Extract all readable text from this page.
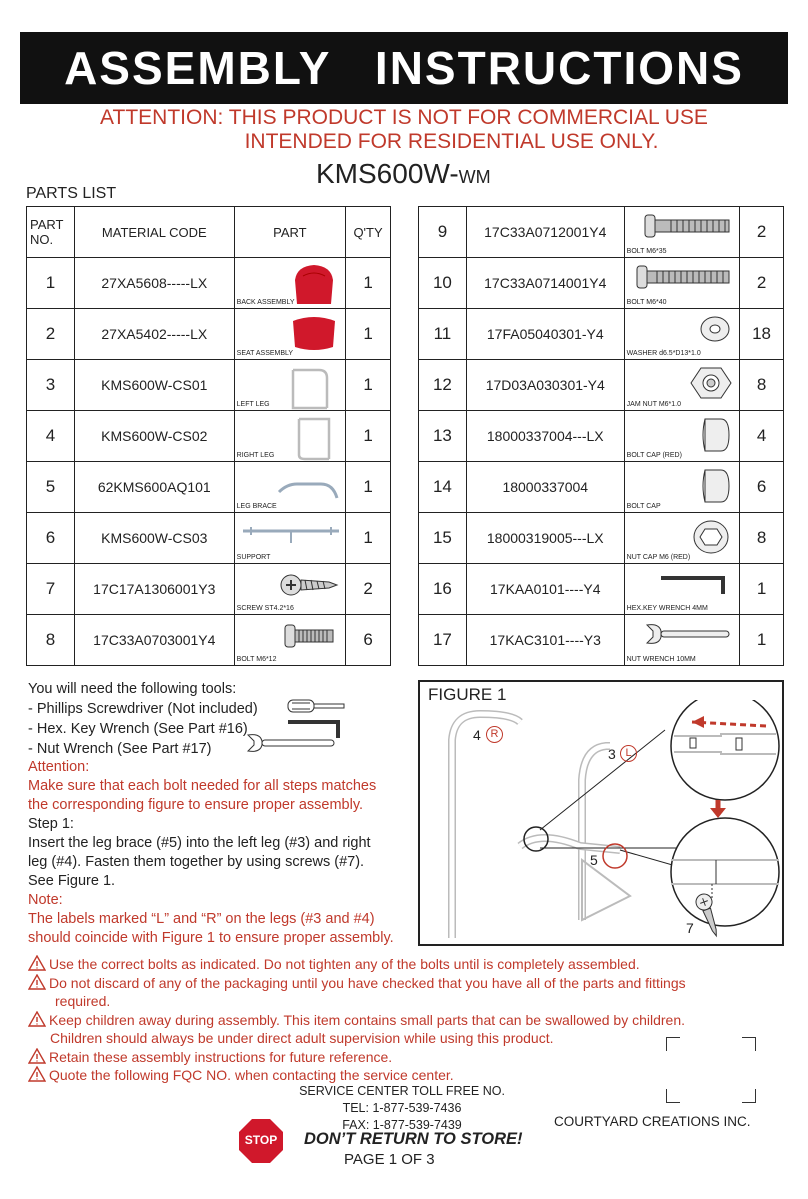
ASSEMBLY   INSTRUCTIONS
ATTENTION: THIS PRODUCT IS NOT FOR COMMERCIAL USE
INTENDED FOR RESIDENTIAL USE ONLY.
KMS600W-WM
PARTS LIST
PART
NO.	MATERIAL CODE	PART	Q'TY
1	27XA5608-----LX	BACK ASSEMBLY	1
2	27XA5402-----LX	SEAT ASSEMBLY	1
3	KMS600W-CS01	LEFT LEG	1
4	KMS600W-CS02	RIGHT LEG	1
5	62KMS600AQ101	LEG BRACE	1
6	KMS600W-CS03	SUPPORT	1
7	17C17A1306001Y3	SCREW ST4.2*16	2
8	17C33A0703001Y4	BOLT M6*12	6
9	17C33A0712001Y4	BOLT M6*35	2
10	17C33A0714001Y4	BOLT M6*40	2
11	17FA05040301-Y4	WASHER d6.5*D13*1.0	18
12	17D03A030301-Y4	JAM NUT M6*1.0	8
13	18000337004---LX	BOLT CAP (RED)	4
14	18000337004	BOLT CAP	6
15	18000319005---LX	NUT CAP M6 (RED)	8
16	17KAA0101----Y4	HEX.KEY WRENCH 4MM	1
17	17KAC3101----Y3	NUT WRENCH 10MM	1
You will need the following tools:
- Phillips Screwdriver (Not included)
- Hex. Key Wrench (See Part #16)
- Nut Wrench (See Part #17)
Attention:
Make sure that each bolt needed for all steps matches
the corresponding figure to ensure proper assembly.
Step 1:
Insert the leg brace (#5) into the left leg (#3) and right
leg (#4). Fasten them together by using screws (#7).
See Figure 1.
Note:
The labels marked “L” and “R” on the legs (#3 and #4)
should coincide with Figure 1 to ensure proper assembly.
FIGURE 1
4 R
3 L
5
7
Use the correct bolts as indicated. Do not tighten any of the bolts until is completely assembled.
Do not discard of any of the packaging until you have checked that you have all of the parts and fittings
required.
Keep children away during assembly. This item contains small parts that can be swallowed by children.
Children should always be under direct adult supervision while using this product.
Retain these assembly instructions for future reference.
Quote the following FQC NO. when contacting the service center.
SERVICE CENTER TOLL FREE NO.
TEL: 1-877-539-7436
FAX: 1-877-539-7439	COURTYARD CREATIONS INC.
STOP	DON’T RETURN TO STORE!
PAGE 1 OF 3
